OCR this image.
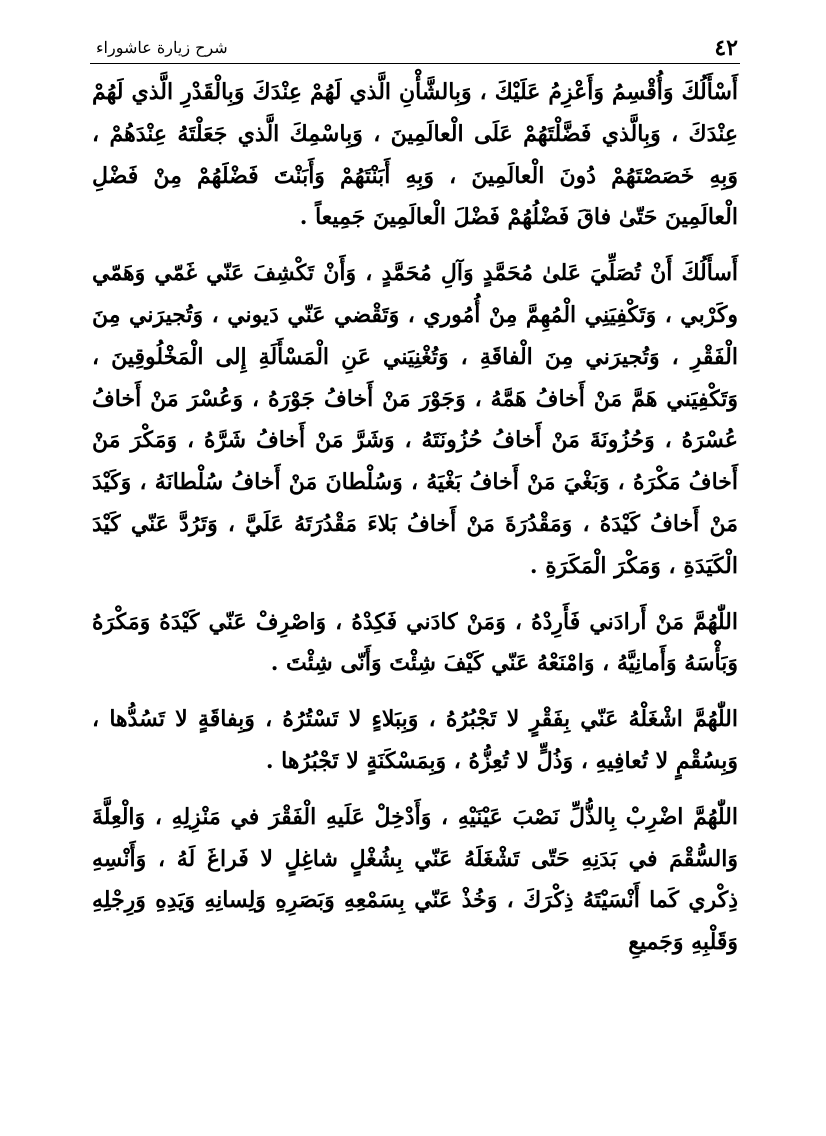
٤٢
شرح زيارة عاشوراء

أَسْأَلُكَ وَأُقْسِمُ وَأَعْزِمُ عَلَيْكَ ، وَبِالشَّأْنِ الَّذي لَهُمْ عِنْدَكَ وَبِالْقَدْرِ الَّذي لَهُمْ عِنْدَكَ ، وَبِالَّذي فَضَّلْتَهُمْ عَلَى الْعالَمِينَ ، وَبِاسْمِكَ الَّذي جَعَلْتَهُ عِنْدَهُمْ ، وَبِهِ خَصَصْتَهُمْ دُونَ الْعالَمِينَ ، وَبِهِ أَبَنْتَهُمْ وَأَبَنْتَ فَضْلَهُمْ مِنْ فَضْلِ الْعالَمِينَ حَتّىٰ فاقَ فَضْلُهُمْ فَضْلَ الْعالَمِينَ جَمِيعاً .

أَسأَلُكَ أَنْ تُصَلِّيَ عَلىٰ مُحَمَّدٍ وَآلِ مُحَمَّدٍ ، وَأَنْ تَكْشِفَ عَنّي غَمّي وَهَمّي وكَرْبي ، وَتَكْفِيَنِي الْمُهِمَّ مِنْ أُمُوري ، وَتَقْضي عَنّي دَيوني ، وَتُجيرَني مِنَ الْفَقْرِ ، وَتُجيرَني مِنَ الْفاقَةِ ، وَتُغْنِيَني عَنِ الْمَسْأَلَةِ إِلى الْمَخْلُوقِينَ ، وَتَكْفِيَني هَمَّ مَنْ أَخافُ هَمَّهُ ، وَجَوْرَ مَنْ أَخافُ جَوْرَهُ ، وَعُسْرَ مَنْ أَخافُ عُسْرَهُ ، وَحُزُونَةَ مَنْ أَخافُ حُزُونَتَهُ ، وَشَرَّ مَنْ أَخافُ شَرَّهُ ، وَمَكْرَ مَنْ أَخافُ مَكْرَهُ ، وَبَغْيَ مَنْ أَخافُ بَغْيَهُ ، وَسُلْطانَ مَنْ أَخافُ سُلْطانَهُ ، وَكَيْدَ مَنْ أَخافُ كَيْدَهُ ، وَمَقْدُرَةَ مَنْ أَخافُ بَلاءَ مَقْدُرَتَهُ عَلَيَّ ، وَتَرُدَّ عَنّي كَيْدَ الْكَيَدَةِ ، وَمَكْرَ الْمَكَرَةِ .

اللّٰهُمَّ مَنْ أَرادَني فَأَرِدْهُ ، وَمَنْ كادَني فَكِدْهُ ، وَاصْرِفْ عَنّي كَيْدَهُ وَمَكْرَهُ وَبَأْسَهُ وَأَمانِيَّهُ ، وَامْنَعْهُ عَنّي كَيْفَ شِئْتَ وَأَنّى شِئْتَ .

اللّٰهُمَّ اشْغَلْهُ عَنّي بِفَقْرٍ لا تَجْبُرُهُ ، وَبِبَلاءٍ لا تَسْتُرُهُ ، وَبِفاقَةٍ لا تَسُدُّها ، وَبِسُقْمٍ لا تُعافِيهِ ، وَذُلٍّ لا تُعِزُّهُ ، وَبِمَسْكَنَةٍ لا تَجْبُرُها .

اللّٰهُمَّ اضْرِبْ بِالذُّلِّ نَصْبَ عَيْنَيْهِ ، وَأَدْخِلْ عَلَيهِ الْفَقْرَ في مَنْزِلِهِ ، وَالْعِلَّةَ وَالسُّقْمَ في بَدَنِهِ حَتّى تَشْغَلَهُ عَنّي بِشُغْلٍ شاغِلٍ لا فَراغَ لَهُ ، وَأَنْسِهِ ذِكْري كَما أَنْسَيْتَهُ ذِكْرَكَ ، وَخُذْ عَنّي بِسَمْعِهِ وَبَصَرِهِ وَلِسانِهِ وَيَدِهِ وَرِجْلِهِ وَقَلْبِهِ وَجَميعِ
